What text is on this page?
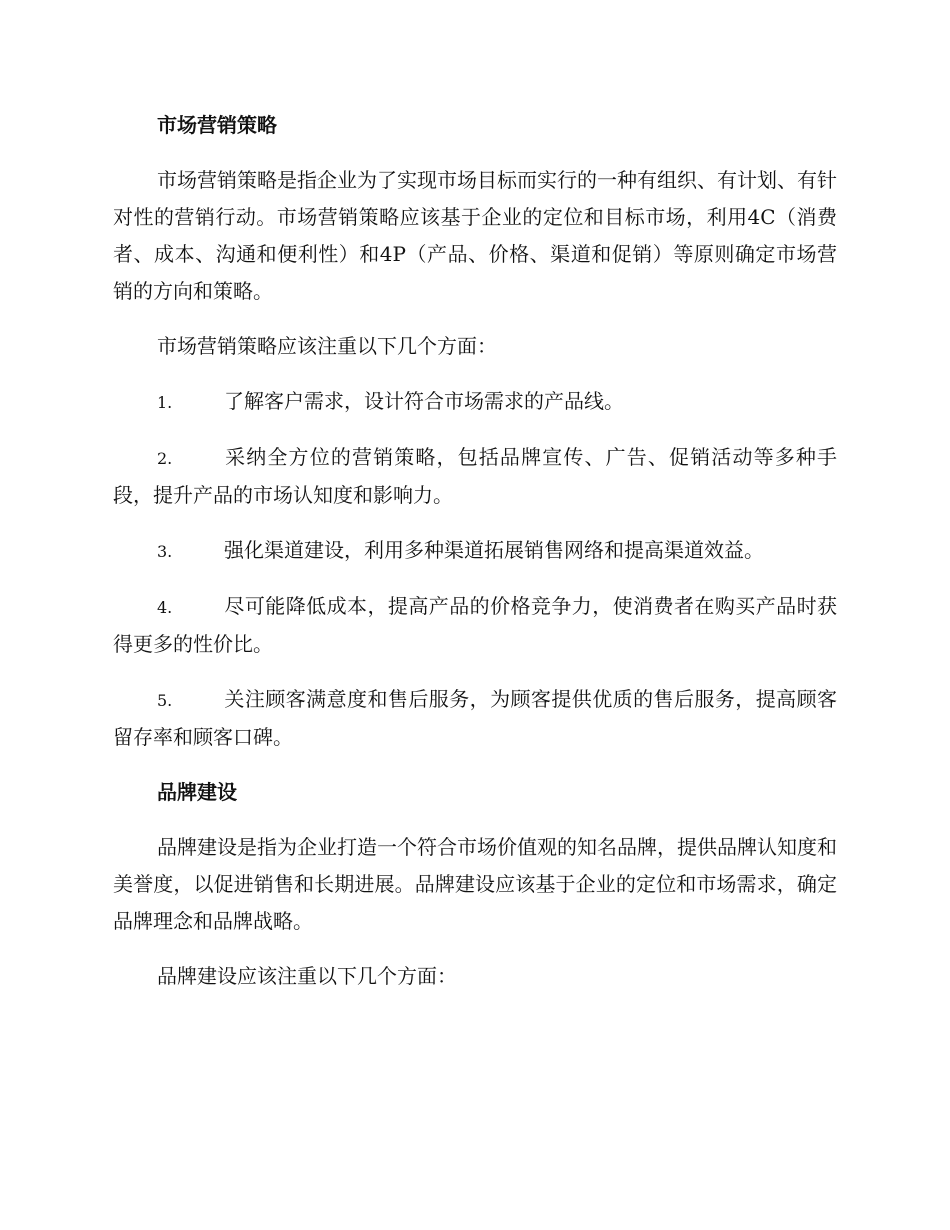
市场营销策略

市场营销策略是指企业为了实现市场目标而实行的一种有组织、有计划、有针对性的营销行动。市场营销策略应该基于企业的定位和目标市场，利用4C（消费者、成本、沟通和便利性）和4P（产品、价格、渠道和促销）等原则确定市场营销的方向和策略。

市场营销策略应该注重以下几个方面：

1.	了解客户需求，设计符合市场需求的产品线。

2.	采纳全方位的营销策略，包括品牌宣传、广告、促销活动等多种手段，提升产品的市场认知度和影响力。

3.	强化渠道建设，利用多种渠道拓展销售网络和提高渠道效益。

4.	尽可能降低成本，提高产品的价格竞争力，使消费者在购买产品时获得更多的性价比。

5.	关注顾客满意度和售后服务，为顾客提供优质的售后服务，提高顾客留存率和顾客口碑。

品牌建设

品牌建设是指为企业打造一个符合市场价值观的知名品牌，提供品牌认知度和美誉度，以促进销售和长期进展。品牌建设应该基于企业的定位和市场需求，确定品牌理念和品牌战略。

品牌建设应该注重以下几个方面：
